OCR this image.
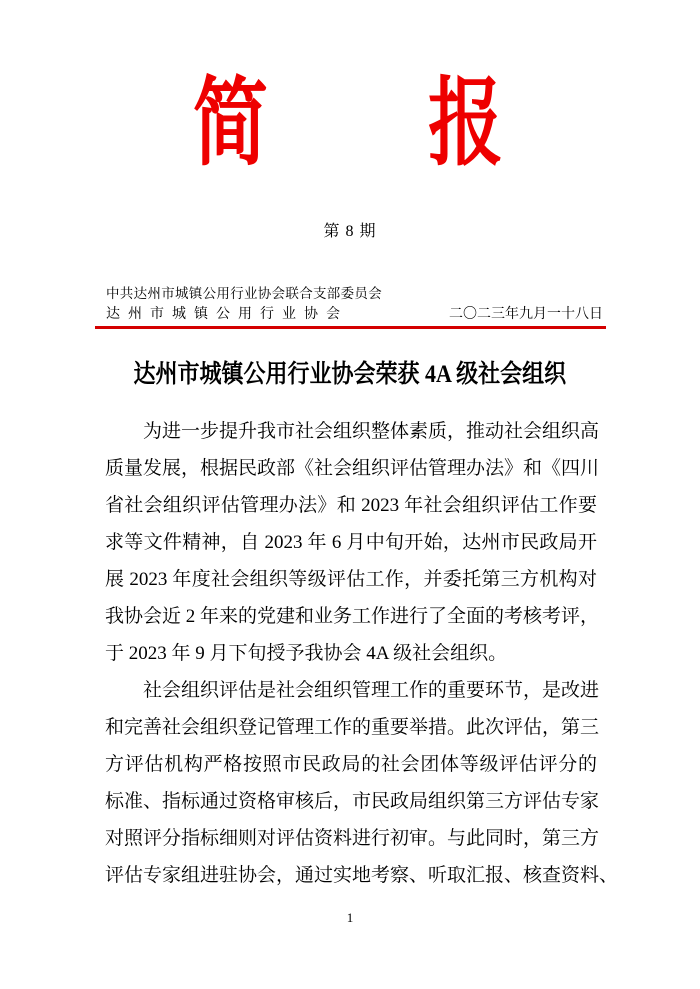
简 报
第 8 期
中共达州市城镇公用行业协会联合支部委员会
达州市城镇公用行业协会	二〇二三年九月一十八日
达州市城镇公用行业协会荣获 4A 级社会组织
为进一步提升我市社会组织整体素质，推动社会组织高
质量发展，根据民政部《社会组织评估管理办法》和《四川
省社会组织评估管理办法》和 2023 年社会组织评估工作要
求等文件精神，自 2023 年 6 月中旬开始，达州市民政局开
展 2023 年度社会组织等级评估工作，并委托第三方机构对
我协会近 2 年来的党建和业务工作进行了全面的考核考评，
于 2023 年 9 月下旬授予我协会 4A 级社会组织。
社会组织评估是社会组织管理工作的重要环节，是改进
和完善社会组织登记管理工作的重要举措。此次评估，第三
方评估机构严格按照市民政局的社会团体等级评估评分的
标准、指标通过资格审核后，市民政局组织第三方评估专家
对照评分指标细则对评估资料进行初审。与此同时，第三方
评估专家组进驻协会，通过实地考察、听取汇报、核查资料、
1
